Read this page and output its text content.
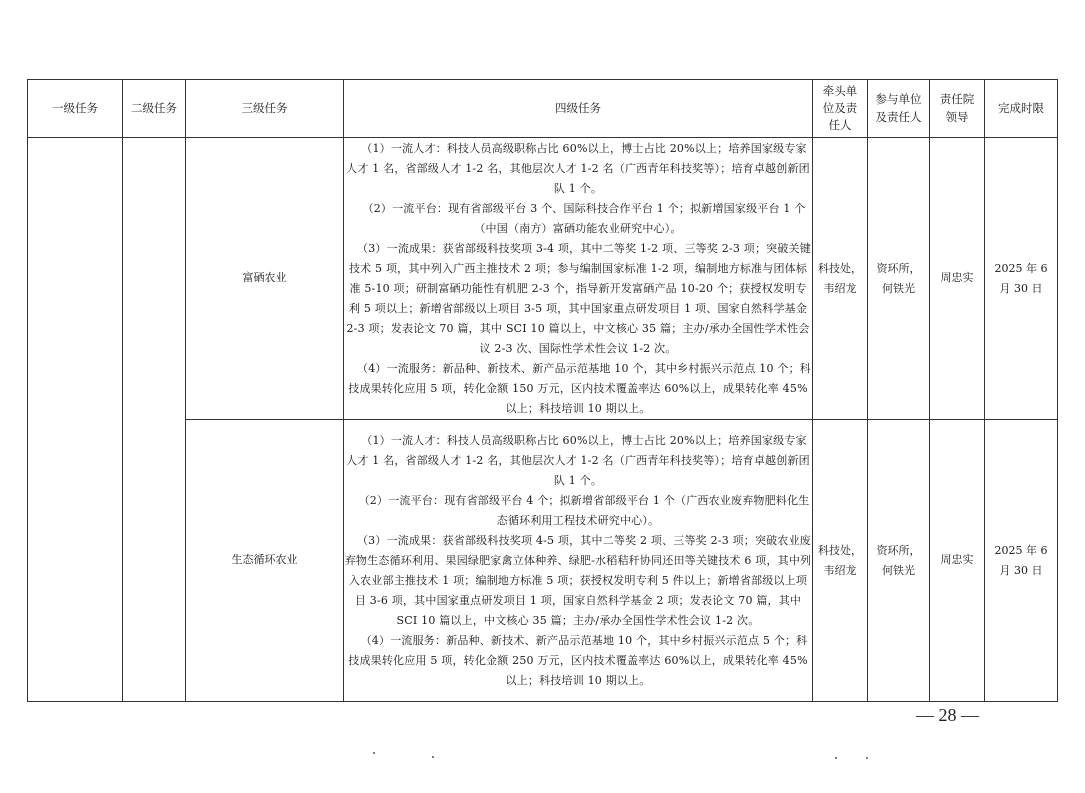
一级任务	二级任务	三级任务	四级任务	牵头单位及责任人	参与单位及责任人	责任院领导	完成时限
		富硒农业	（1）一流人才：科技人员高级职称占比 60%以上，博士占比 20%以上；培养国家级专家人才 1 名，省部级人才 1-2 名，其他层次人才 1-2 名（广西青年科技奖等）；培育卓越创新团队 1 个。

（2）一流平台：现有省部级平台 3 个、国际科技合作平台 1 个；拟新增国家级平台 1 个（中国（南方）富硒功能农业研究中心）。

（3）一流成果：获省部级科技奖项 3-4 项，其中二等奖 1-2 项、三等奖 2-3 项；突破关键技术 5 项，其中列入广西主推技术 2 项；参与编制国家标准 1-2 项，编制地方标准与团体标准 5-10 项；研制富硒功能性有机肥 2-3 个，指导新开发富硒产品 10-20 个；获授权发明专利 5 项以上；新增省部级以上项目 3-5 项，其中国家重点研发项目 1 项、国家自然科学基金 2-3 项；发表论文 70 篇，其中 SCI 10 篇以上，中文核心 35 篇；主办/承办全国性学术性会议 2-3 次、国际性学术性会议 1-2 次。

（4）一流服务：新品种、新技术、新产品示范基地 10 个，其中乡村振兴示范点 10 个；科技成果转化应用 5 项，转化金额 150 万元，区内技术覆盖率达 60%以上，成果转化率 45%以上；科技培训 10 期以上。	科技处，韦绍龙	资环所，何铁光	周忠实	2025 年 6 月 30 日
		生态循环农业	（1）一流人才：科技人员高级职称占比 60%以上，博士占比 20%以上；培养国家级专家人才 1 名，省部级人才 1-2 名，其他层次人才 1-2 名（广西青年科技奖等）；培育卓越创新团队 1 个。

（2）一流平台：现有省部级平台 4 个；拟新增省部级平台 1 个（广西农业废弃物肥料化生态循环利用工程技术研究中心）。

（3）一流成果：获省部级科技奖项 4-5 项，其中二等奖 2 项、三等奖 2-3 项；突破农业废弃物生态循环利用、果园绿肥家禽立体种养、绿肥-水稻秸秆协同还田等关键技术 6 项，其中列入农业部主推技术 1 项；编制地方标准 5 项；获授权发明专利 5 件以上；新增省部级以上项目 3-6 项，其中国家重点研发项目 1 项，国家自然科学基金 2 项；发表论文 70 篇，其中 SCI 10 篇以上，中文核心 35 篇；主办/承办全国性学术性会议 1-2 次。

（4）一流服务：新品种、新技术、新产品示范基地 10 个，其中乡村振兴示范点 5 个；科技成果转化应用 5 项，转化金额 250 万元，区内技术覆盖率达 60%以上，成果转化率 45%以上；科技培训 10 期以上。	科技处，韦绍龙	资环所，何铁光	周忠实	2025 年 6 月 30 日
— 28 —
